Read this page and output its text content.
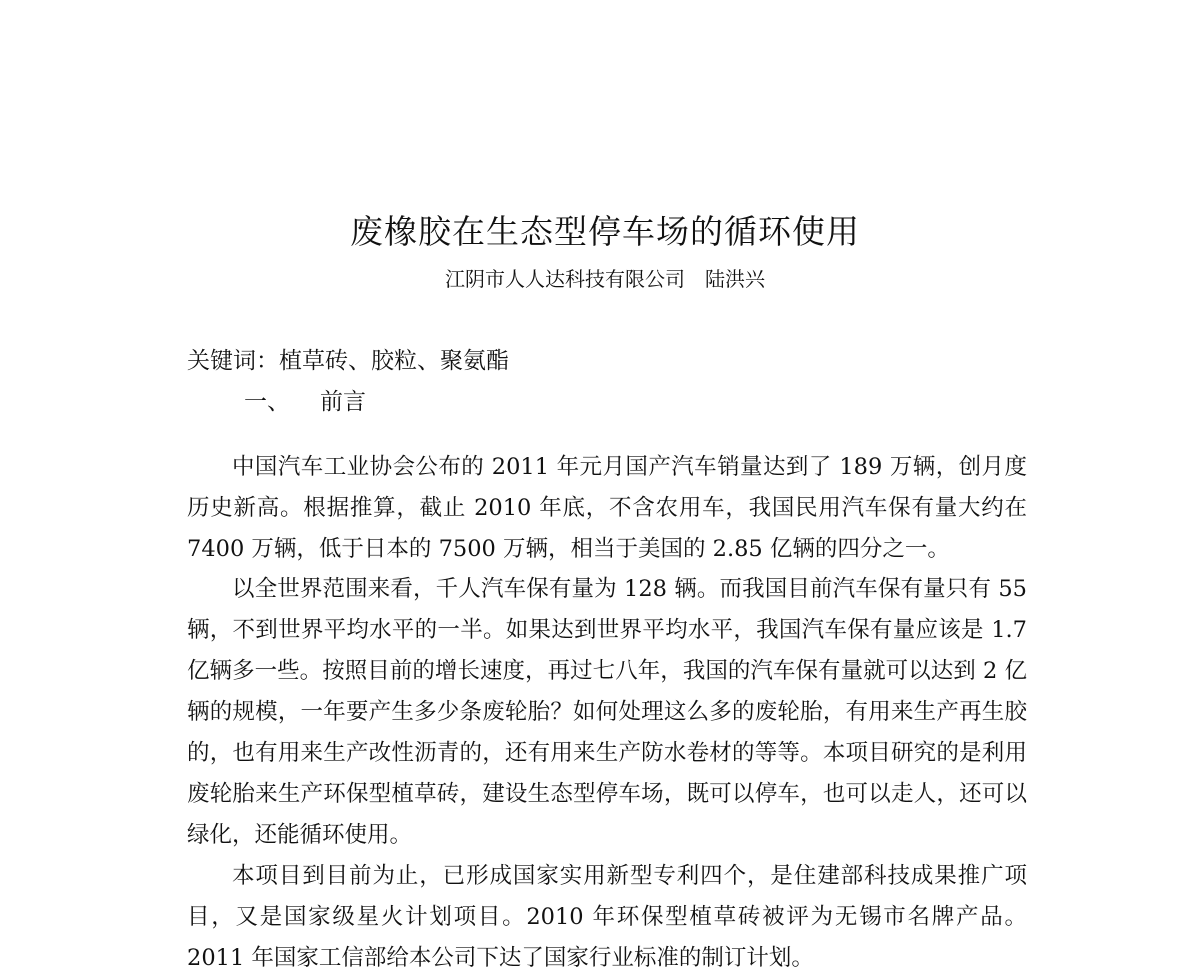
废橡胶在生态型停车场的循环使用
江阴市人人达科技有限公司 陆洪兴
关键词：植草砖、胶粒、聚氨酯
一、 前言

中国汽车工业协会公布的 2011 年元月国产汽车销量达到了 189 万辆，创月度历史新高。根据推算，截止 2010 年底，不含农用车，我国民用汽车保有量大约在 7400 万辆，低于日本的 7500 万辆，相当于美国的 2.85 亿辆的四分之一。

以全世界范围来看，千人汽车保有量为 128 辆。而我国目前汽车保有量只有 55 辆，不到世界平均水平的一半。如果达到世界平均水平，我国汽车保有量应该是 1.7 亿辆多一些。按照目前的增长速度，再过七八年，我国的汽车保有量就可以达到 2 亿辆的规模，一年要产生多少条废轮胎？如何处理这么多的废轮胎，有用来生产再生胶的，也有用来生产改性沥青的，还有用来生产防水卷材的等等。本项目研究的是利用废轮胎来生产环保型植草砖，建设生态型停车场，既可以停车，也可以走人，还可以绿化，还能循环使用。

本项目到目前为止，已形成国家实用新型专利四个，是住建部科技成果推广项目，又是国家级星火计划项目。2010 年环保型植草砖被评为无锡市名牌产品。2011 年国家工信部给本公司下达了国家行业标准的制订计划。
